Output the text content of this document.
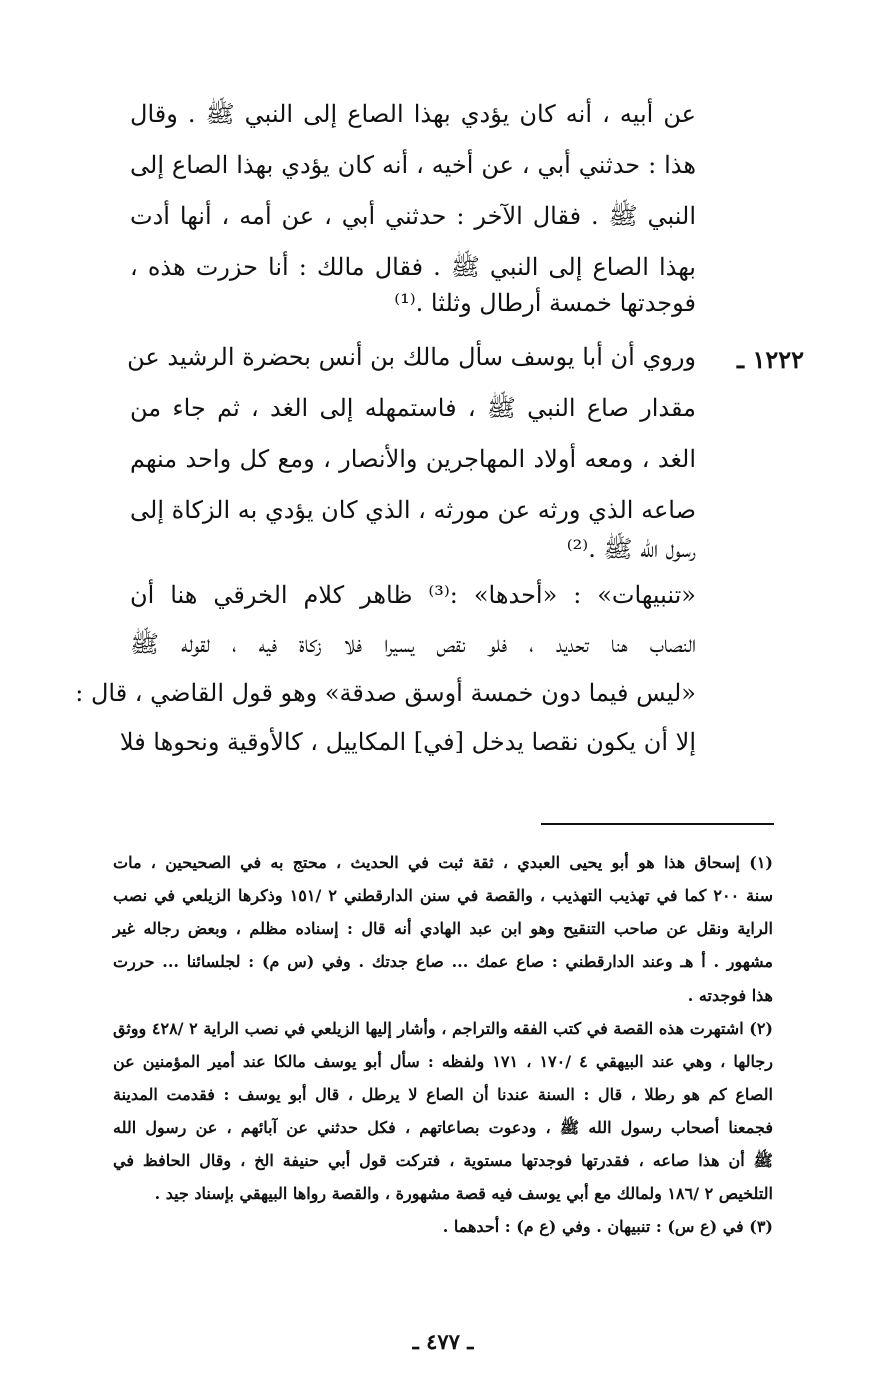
عن أبيه ، أنه كان يؤدي بهذا الصاع إلى النبي ﷺ . وقال
هذا : حدثني أبي ، عن أخيه ، أنه كان يؤدي بهذا الصاع إلى
النبي ﷺ . فقال الآخر : حدثني أبي ، عن أمه ، أنها أدت
بهذا الصاع إلى النبي ﷺ . فقال مالك : أنا حزرت هذه ،
فوجدتها خمسة أرطال وثلثا .⁽¹⁾
١٢٢٢ ـ
وروي أن أبا يوسف سأل مالك بن أنس بحضرة الرشيد عن
مقدار صاع النبي ﷺ ، فاستمهله إلى الغد ، ثم جاء من
الغد ، ومعه أولاد المهاجرين والأنصار ، ومع كل واحد منهم
صاعه الذي ورثه عن مورثه ، الذي كان يؤدي به الزكاة إلى
رسول الله ﷺ .⁽²⁾
«تنبيهات» : «أحدها» :⁽³⁾ ظاهر كلام الخرقي هنا أن
النصاب هنا تحديد ، فلو نقص يسيرا فلا زكاة فيه ، لقوله ﷺ
«ليس فيما دون خمسة أوسق صدقة» وهو قول القاضي ، قال :
إلا أن يكون نقصا يدخل [في] المكاييل ، كالأوقية ونحوها فلا
(١) إسحاق هذا هو أبو يحيى العبدي ، ثقة ثبت في الحديث ، محتج به في الصحيحين ، مات
سنة ٢٠٠ كما في تهذيب التهذيب ، والقصة في سنن الدارقطني ٢ /١٥١ وذكرها الزيلعي في نصب
الراية ونقل عن صاحب التنقيح وهو ابن عبد الهادي أنه قال : إسناده مظلم ، وبعض رجاله غير
مشهور . أ هـ وعند الدارقطني : صاع عمك ... صاع جدتك . وفي (س م) : لجلسائنا ... حررت
هذا فوجدته .
(٢) اشتهرت هذه القصة في كتب الفقه والتراجم ، وأشار إليها الزيلعي في نصب الراية ٢ /٤٢٨ ووثق
رجالها ، وهي عند البيهقي ٤ /١٧٠ ، ١٧١ ولفظه : سأل أبو يوسف مالكا عند أمير المؤمنين عن
الصاع كم هو رطلا ، قال : السنة عندنا أن الصاع لا يرطل ، قال أبو يوسف : فقدمت المدينة
فجمعنا أصحاب رسول الله ﷺ ، ودعوت بصاعاتهم ، فكل حدثني عن آبائهم ، عن رسول الله
ﷺ أن هذا صاعه ، فقدرتها فوجدتها مستوية ، فتركت قول أبي حنيفة الخ ، وقال الحافظ في
التلخيص ٢ /١٨٦ ولمالك مع أبي يوسف فيه قصة مشهورة ، والقصة رواها البيهقي بإسناد جيد .
(٣) في (ع س) : تنبيهان . وفي (ع م) : أحدهما .
ـ ٤٧٧ ـ
